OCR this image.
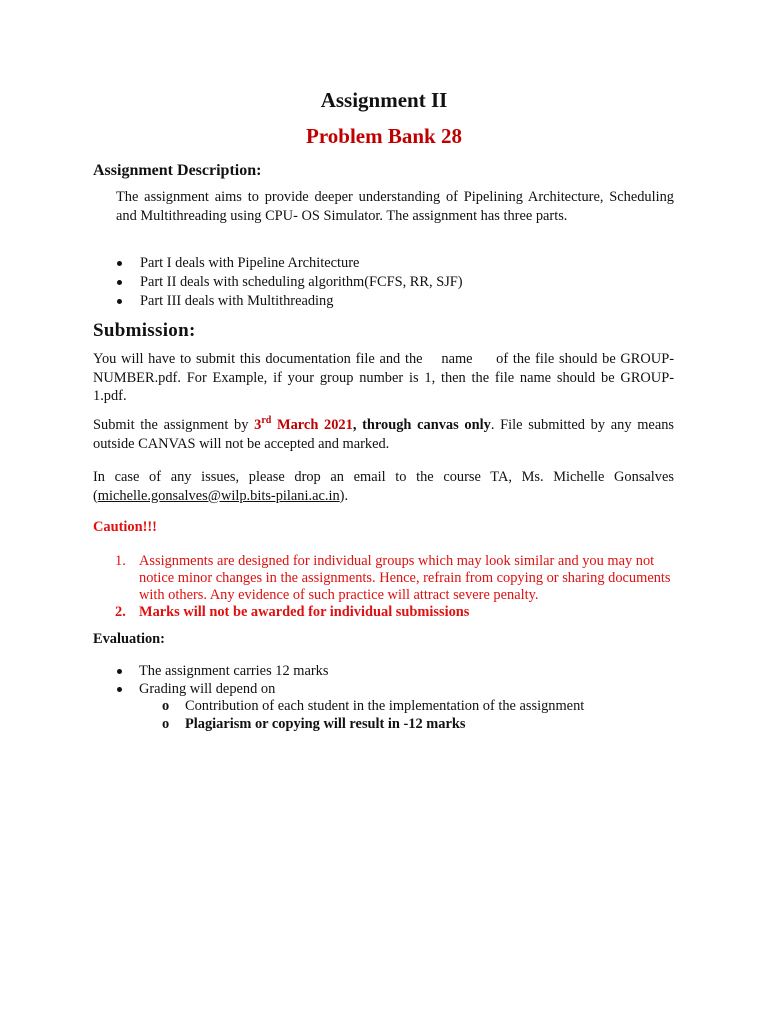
Assignment II
Problem Bank 28
Assignment Description:
The assignment aims to provide deeper understanding of Pipelining Architecture, Scheduling and Multithreading using CPU- OS Simulator. The assignment has three parts.
Part I deals with Pipeline Architecture
Part II deals with scheduling algorithm(FCFS, RR, SJF)
Part III deals with Multithreading
Submission:
You will have to submit this documentation file and the    name     of the file should be GROUP-NUMBER.pdf. For Example, if your group number is 1, then the file name should be GROUP-1.pdf.
Submit the assignment by 3rd March 2021, through canvas only. File submitted by any means outside CANVAS will not be accepted and marked.
In case of any issues, please drop an email to the course TA, Ms. Michelle Gonsalves (michelle.gonsalves@wilp.bits-pilani.ac.in).
Caution!!!
1. Assignments are designed for individual groups which may look similar and you may not notice minor changes in the assignments. Hence, refrain from copying or sharing documents with others. Any evidence of such practice will attract severe penalty.
2. Marks will not be awarded for individual submissions
Evaluation:
The assignment carries 12 marks
Grading will depend on
o Contribution of each student in the implementation of the assignment
o Plagiarism or copying will result in -12 marks
